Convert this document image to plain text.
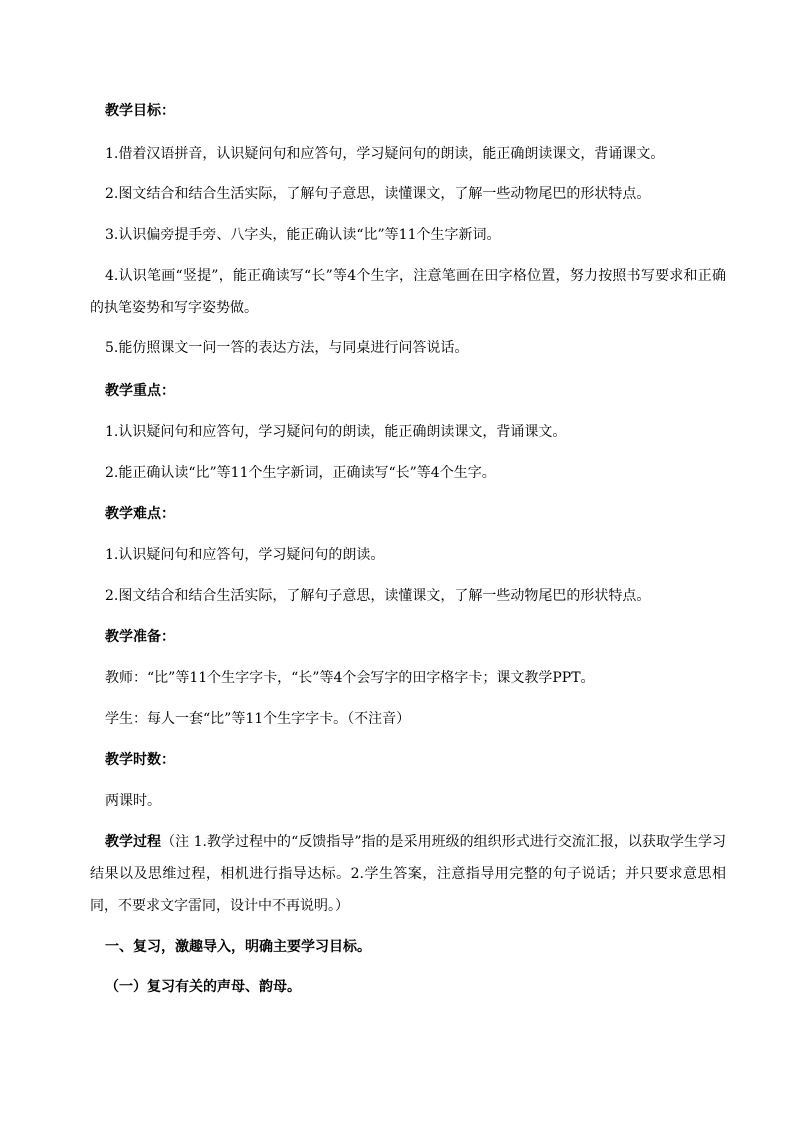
教学目标：
1.借着汉语拼音，认识疑问句和应答句，学习疑问句的朗读，能正确朗读课文，背诵课文。
2.图文结合和结合生活实际，了解句子意思，读懂课文，了解一些动物尾巴的形状特点。
3.认识偏旁提手旁、八字头，能正确认读“比”等11个生字新词。
4.认识笔画“竖提”，能正确读写“长”等4个生字，注意笔画在田字格位置，努力按照书写要求和正确的执笔姿势和写字姿势做。
5.能仿照课文一问一答的表达方法，与同桌进行问答说话。
教学重点：
1.认识疑问句和应答句，学习疑问句的朗读，能正确朗读课文，背诵课文。
2.能正确认读“比”等11个生字新词，正确读写“长”等4个生字。
教学难点：
1.认识疑问句和应答句，学习疑问句的朗读。
2.图文结合和结合生活实际，了解句子意思，读懂课文，了解一些动物尾巴的形状特点。
教学准备：
教师：“比”等11个生字字卡，“长”等4个会写字的田字格字卡；课文教学PPT。
学生：每人一套“比”等11个生字字卡。（不注音）
教学时数：
两课时。
教学过程（注 1.教学过程中的“反馈指导”指的是采用班级的组织形式进行交流汇报，以获取学生学习结果以及思维过程，相机进行指导达标。2.学生答案，注意指导用完整的句子说话；并只要求意思相同，不要求文字雷同，设计中不再说明。）
一、复习，激趣导入，明确主要学习目标。
（一）复习有关的声母、韵母。
